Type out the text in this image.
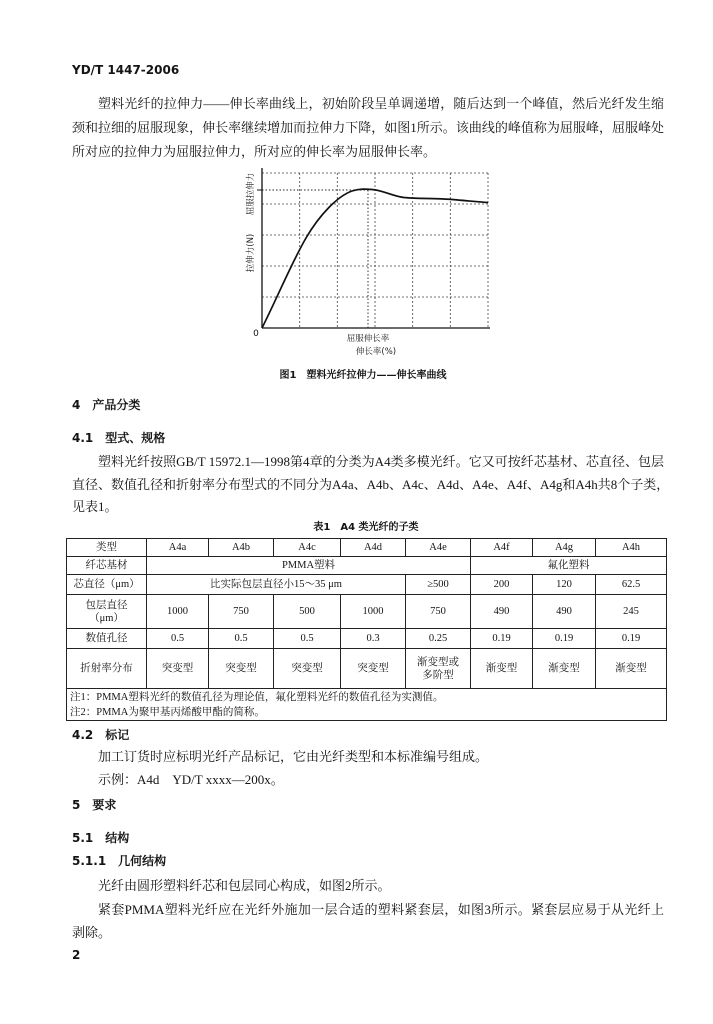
YD/T 1447-2006
塑料光纤的拉伸力——伸长率曲线上，初始阶段呈单调递增，随后达到一个峰值，然后光纤发生缩
颈和拉细的屈服现象，伸长率继续增加而拉伸力下降，如图1所示。该曲线的峰值称为屈服峰，屈服峰处
所对应的拉伸力为屈服拉伸力，所对应的伸长率为屈服伸长率。
屈服拉伸力
拉伸力(N)
0	屈服伸长率
伸长率(%)
图1　塑料光纤拉伸力——伸长率曲线
4　产品分类
4.1　型式、规格
塑料光纤按照GB/T 15972.1—1998第4章的分类为A4类多模光纤。它又可按纤芯基材、芯直径、包层
直径、数值孔径和折射率分布型式的不同分为A4a、A4b、A4c、A4d、A4e、A4f、A4g和A4h共8个子类，
见表1。
表1　A4 类光纤的子类
类型	A4a	A4b	A4c	A4d	A4e	A4f	A4g	A4h
纤芯基材	PMMA塑料					氟化塑料		
芯直径（μm）	比实际包层直径小15～35 μm				≥500	200	120	62.5
包层直径（μm）	1000	750	500	1000	750	490	490	245
数值孔径	0.5	0.5	0.5	0.3	0.25	0.19	0.19	0.19
折射率分布	突变型	突变型	突变型	突变型	渐变型或多阶型	渐变型	渐变型	渐变型

注1：PMMA塑料光纤的数值孔径为理论值，氟化塑料光纤的数值孔径为实测值。
注2：PMMA为聚甲基丙烯酸甲酯的简称。								
4.2　标记
加工订货时应标明光纤产品标记，它由光纤类型和本标准编号组成。
示例：A4d　YD/T xxxx—200x。
5　要求
5.1　结构
5.1.1　几何结构
光纤由圆形塑料纤芯和包层同心构成，如图2所示。
紧套PMMA塑料光纤应在光纤外施加一层合适的塑料紧套层，如图3所示。紧套层应易于从光纤上
剥除。
2
